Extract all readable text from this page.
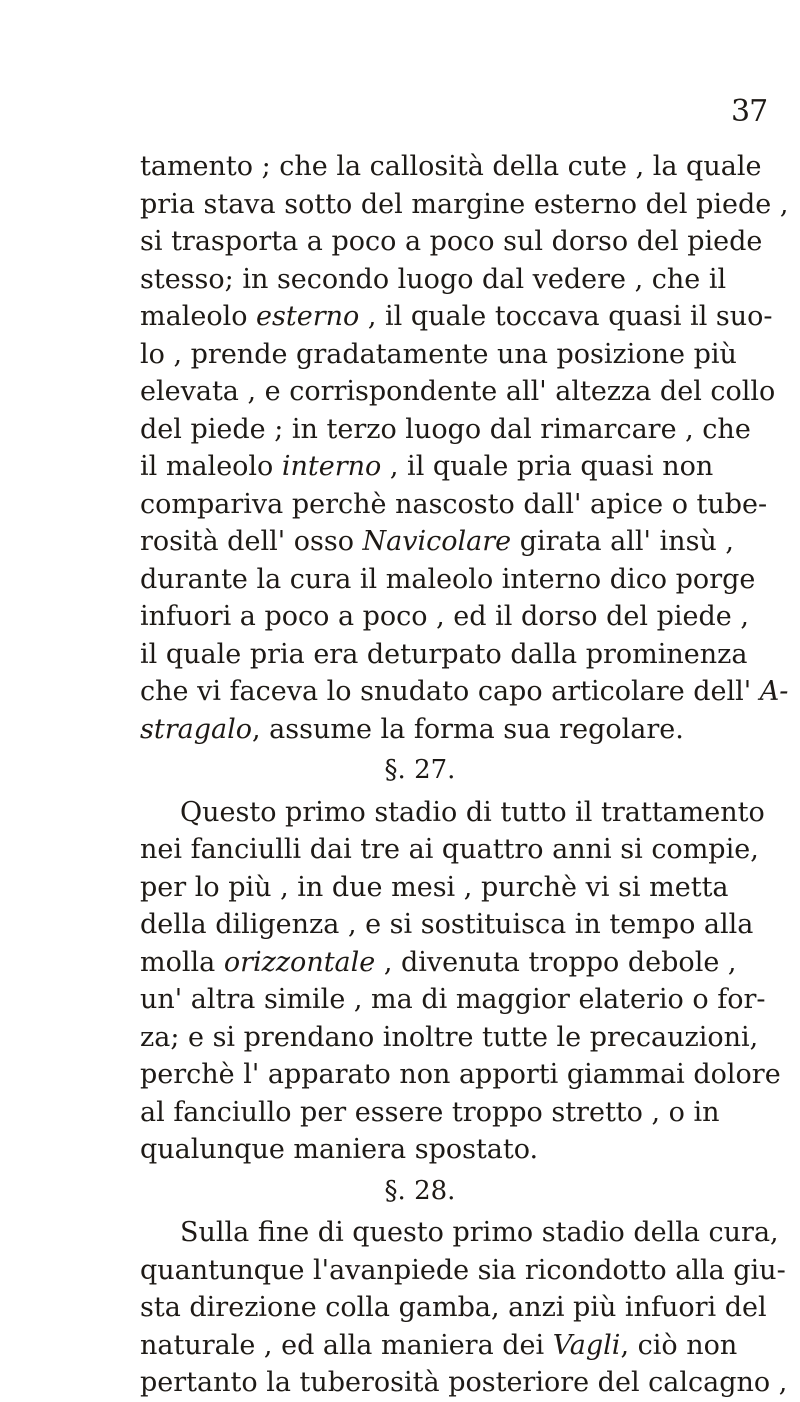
37
tamento ; che la callosità della cute , la quale
pria stava sotto del margine esterno del piede ,
si trasporta a poco a poco sul dorso del piede
stesso; in secondo luogo dal vedere , che il
maleolo esterno , il quale toccava quasi il suo-
lo , prende gradatamente una posizione più
elevata , e corrispondente all' altezza del collo
del piede ; in terzo luogo dal rimarcare , che
il maleolo interno , il quale pria quasi non
compariva perchè nascosto dall' apice o tube-
rosità dell' osso Navicolare girata all' insù ,
durante la cura il maleolo interno dico porge
infuori a poco a poco , ed il dorso del piede ,
il quale pria era deturpato dalla prominenza
che vi faceva lo snudato capo articolare dell' A-
stragalo, assume la forma sua regolare.
§. 27.
Questo primo stadio di tutto il trattamento
nei fanciulli dai tre ai quattro anni si compie,
per lo più , in due mesi , purchè vi si metta
della diligenza , e si sostituisca in tempo alla
molla orizzontale , divenuta troppo debole ,
un' altra simile , ma di maggior elaterio o for-
za; e si prendano inoltre tutte le precauzioni,
perchè l' apparato non apporti giammai dolore
al fanciullo per essere troppo stretto , o in
qualunque maniera spostato.
§. 28.
Sulla fine di questo primo stadio della cura,
quantunque l'avanpiede sia ricondotto alla giu-
sta direzione colla gamba, anzi più infuori del
naturale , ed alla maniera dei Vagli, ciò non
pertanto la tuberosità posteriore del calcagno ,
